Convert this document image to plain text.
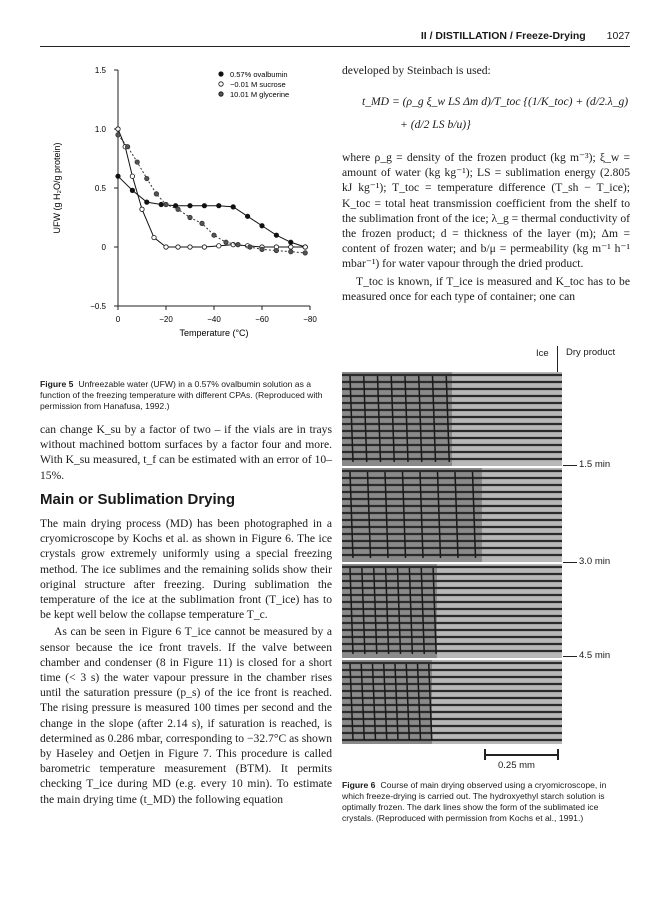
II / DISTILLATION / Freeze-Drying 1027
1.5
1.0
0.5
0
−0.5
0	−20	−40	−60	−80
Temperature (°C)
UFW (g H₂O/g protein)
0.57% ovalbumin
−0.01 M sucrose
10.01 M glycerine
Figure 5 Unfreezable water (UFW) in a 0.57% ovalbumin solution as a function of the freezing temperature with different CPAs. (Reproduced with permission from Hanafusa, 1992.)

can change K_su by a factor of two – if the vials are in trays without machined bottom surfaces by a factor four and more. With K_su measured, t_f can be estimated with an error of 10–15%.

Main or Sublimation Drying

The main drying process (MD) has been photographed in a cryomicroscope by Kochs et al. as shown in Figure 6. The ice crystals grow extremely uniformly using a special freezing method. The ice sublimes and the remaining solids show their original structure after freezing. During sublimation the temperature of the ice at the sublimation front (T_ice) has to be kept well below the collapse temperature T_c.

As can be seen in Figure 6 T_ice cannot be measured by a sensor because the ice front travels. If the valve between chamber and condenser (8 in Figure 11) is closed for a short time (< 3 s) the water vapour pressure in the chamber rises until the saturation pressure (p_s) of the ice front is reached. The rising pressure is measured 100 times per second and the change in the slope (after 2.14 s), if saturation is reached, is determined as 0.286 mbar, corresponding to −32.7°C as shown by Haseley and Oetjen in Figure 7. This procedure is called barometric temperature measurement (BTM). It permits checking T_ice during MD (e.g. every 10 min). To estimate the main drying time (t_MD) the following equation

developed by Steinbach is used:

t_MD = (ρ_g ξ_w LS Δm d)/T_toc {(1/K_toc) + (d/2.λ_g)
+ (d/2 LS b/u)}

where ρ_g = density of the frozen product (kg m⁻³); ξ_w = amount of water (kg kg⁻¹); LS = sublimation energy (2.805 kJ kg⁻¹); T_toc = temperature difference (T_sh − T_ice); K_toc = total heat transmission coefficient from the shelf to the sublimation front of the ice; λ_g = thermal conductivity of the frozen product; d = thickness of the layer (m); Δm = content of frozen water; and b/μ = permeability (kg m⁻¹ h⁻¹ mbar⁻¹) for water vapour through the dried product.

T_toc is known, if T_ice is measured and K_toc has to be measured once for each type of container; one can

Ice Dry product
1.5 min
3.0 min
4.5 min
0.25 mm
Figure 6 Course of main drying observed using a cryomicroscope, in which freeze-drying is carried out. The hydroxyethyl starch solution is optimally frozen. The dark lines show the form of the sublimated ice crystals. (Reproduced with permission from Kochs et al., 1991.)
